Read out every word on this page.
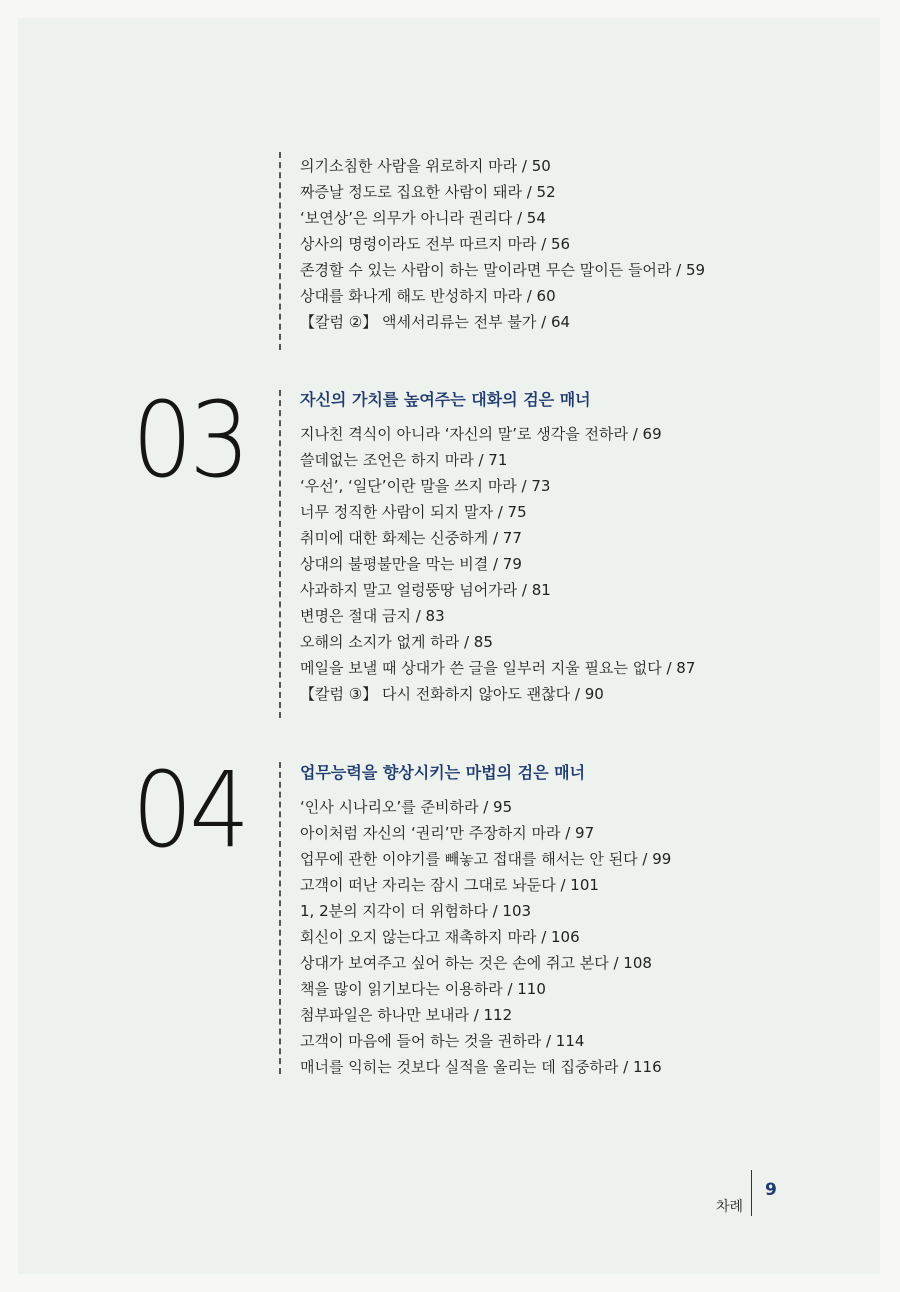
의기소침한 사람을 위로하지 마라 / 50
짜증날 정도로 집요한 사람이 돼라 / 52
‘보연상’은 의무가 아니라 권리다 / 54
상사의 명령이라도 전부 따르지 마라 / 56
존경할 수 있는 사람이 하는 말이라면 무슨 말이든 들어라 / 59
상대를 화나게 해도 반성하지 마라 / 60
【칼럼 ②】 액세서리류는 전부 불가 / 64
03	자신의 가치를 높여주는 대화의 검은 매너
지나친 격식이 아니라 ‘자신의 말’로 생각을 전하라 / 69
쓸데없는 조언은 하지 마라 / 71
‘우선’, ‘일단’이란 말을 쓰지 마라 / 73
너무 정직한 사람이 되지 말자 / 75
취미에 대한 화제는 신중하게 / 77
상대의 불평불만을 막는 비결 / 79
사과하지 말고 얼렁뚱땅 넘어가라 / 81
변명은 절대 금지 / 83
오해의 소지가 없게 하라 / 85
메일을 보낼 때 상대가 쓴 글을 일부러 지울 필요는 없다 / 87
【칼럼 ③】 다시 전화하지 않아도 괜찮다 / 90
04	업무능력을 향상시키는 마법의 검은 매너
‘인사 시나리오’를 준비하라 / 95
아이처럼 자신의 ‘권리’만 주장하지 마라 / 97
업무에 관한 이야기를 빼놓고 접대를 해서는 안 된다 / 99
고객이 떠난 자리는 잠시 그대로 놔둔다 / 101
1, 2분의 지각이 더 위험하다 / 103
회신이 오지 않는다고 재촉하지 마라 / 106
상대가 보여주고 싶어 하는 것은 손에 쥐고 본다 / 108
책을 많이 읽기보다는 이용하라 / 110
첨부파일은 하나만 보내라 / 112
고객이 마음에 들어 하는 것을 권하라 / 114
매너를 익히는 것보다 실적을 올리는 데 집중하라 / 116
차례
9
